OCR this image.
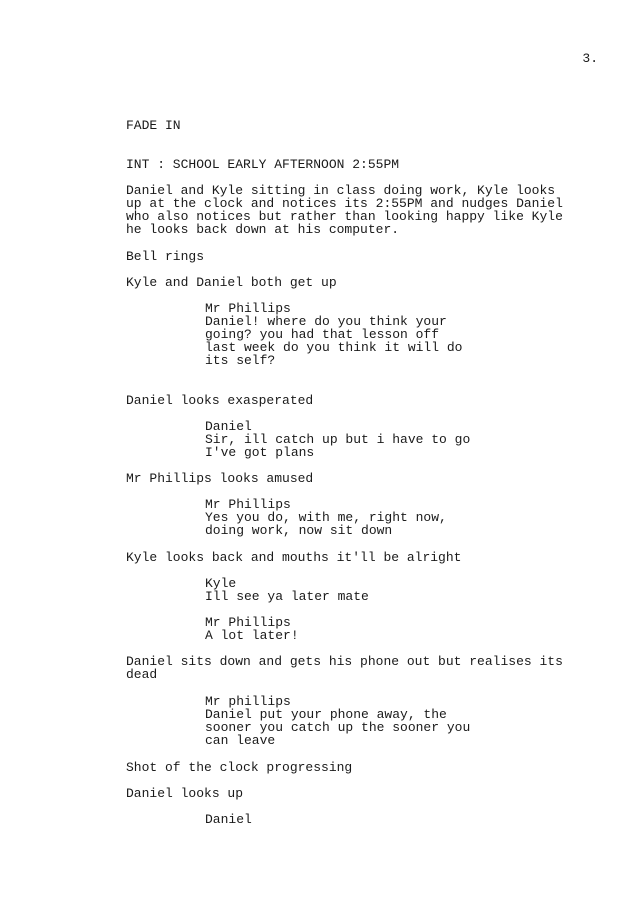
3.
FADE IN
INT : SCHOOL EARLY AFTERNOON 2:55PM
Daniel and Kyle sitting in class doing work, Kyle looks
up at the clock and notices its 2:55PM and nudges Daniel
who also notices but rather than looking happy like Kyle
he looks back down at his computer.
Bell rings
Kyle and Daniel both get up
Mr Phillips
Daniel! where do you think your
going? you had that lesson off
last week do you think it will do
its self?
Daniel looks exasperated
Daniel
Sir, ill catch up but i have to go
I've got plans
Mr Phillips looks amused
Mr Phillips
Yes you do, with me, right now,
doing work, now sit down
Kyle looks back and mouths it'll be alright
Kyle
Ill see ya later mate
Mr Phillips
A lot later!
Daniel sits down and gets his phone out but realises its
dead
Mr phillips
Daniel put your phone away, the
sooner you catch up the sooner you
can leave
Shot of the clock progressing
Daniel looks up
Daniel
